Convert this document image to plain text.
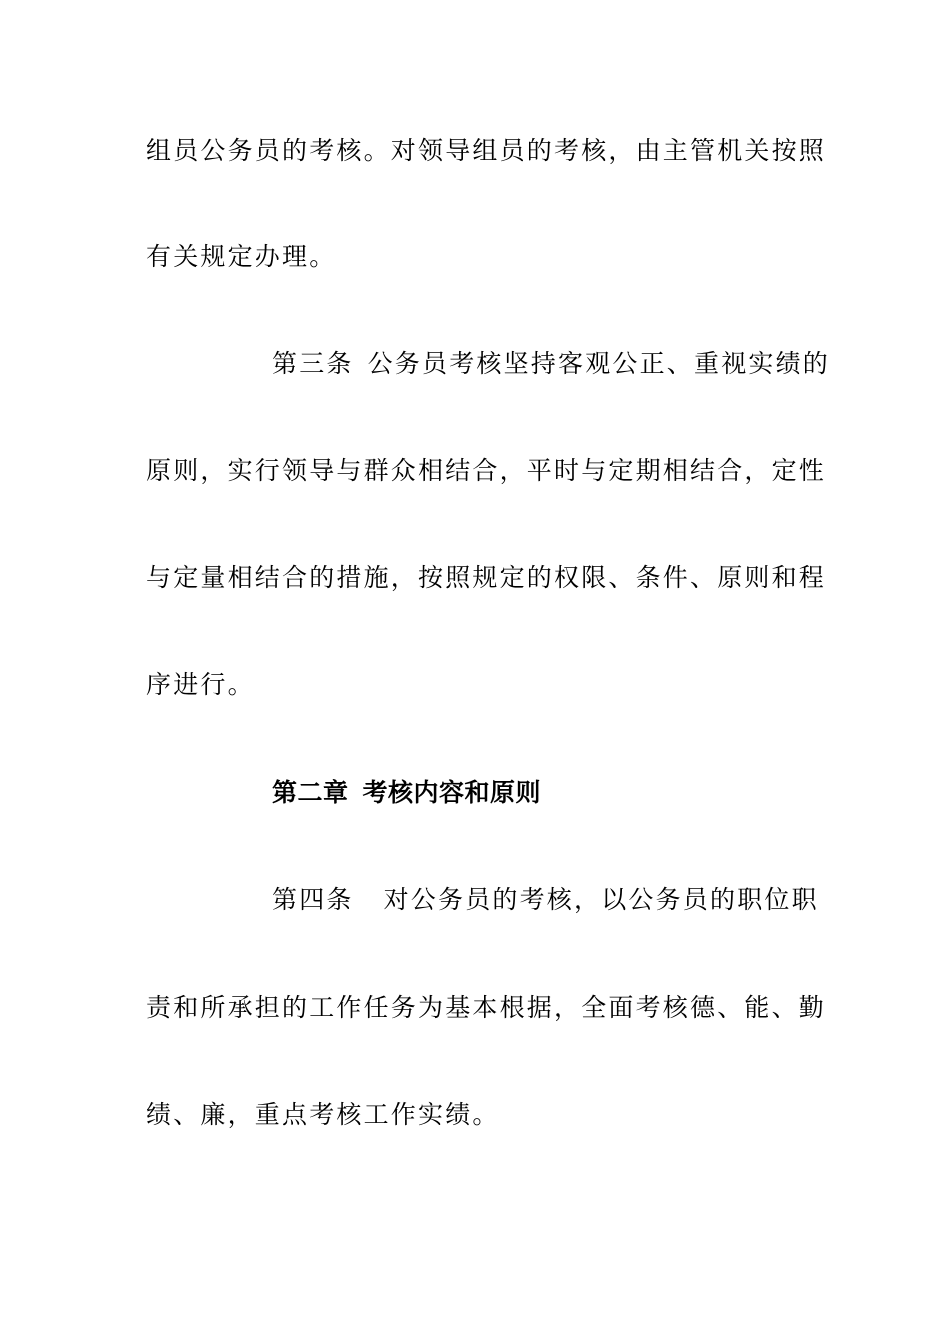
组员公务员的考核。对领导组员的考核，由主管机关按照
有关规定办理。
第三条 公务员考核坚持客观公正、重视实绩的
原则，实行领导与群众相结合，平时与定期相结合，定性
与定量相结合的措施，按照规定的权限、条件、原则和程
序进行。
第二章 考核内容和原则
第四条 对公务员的考核，以公务员的职位职
责和所承担的工作任务为基本根据，全面考核德、能、勤
绩、廉，重点考核工作实绩。
